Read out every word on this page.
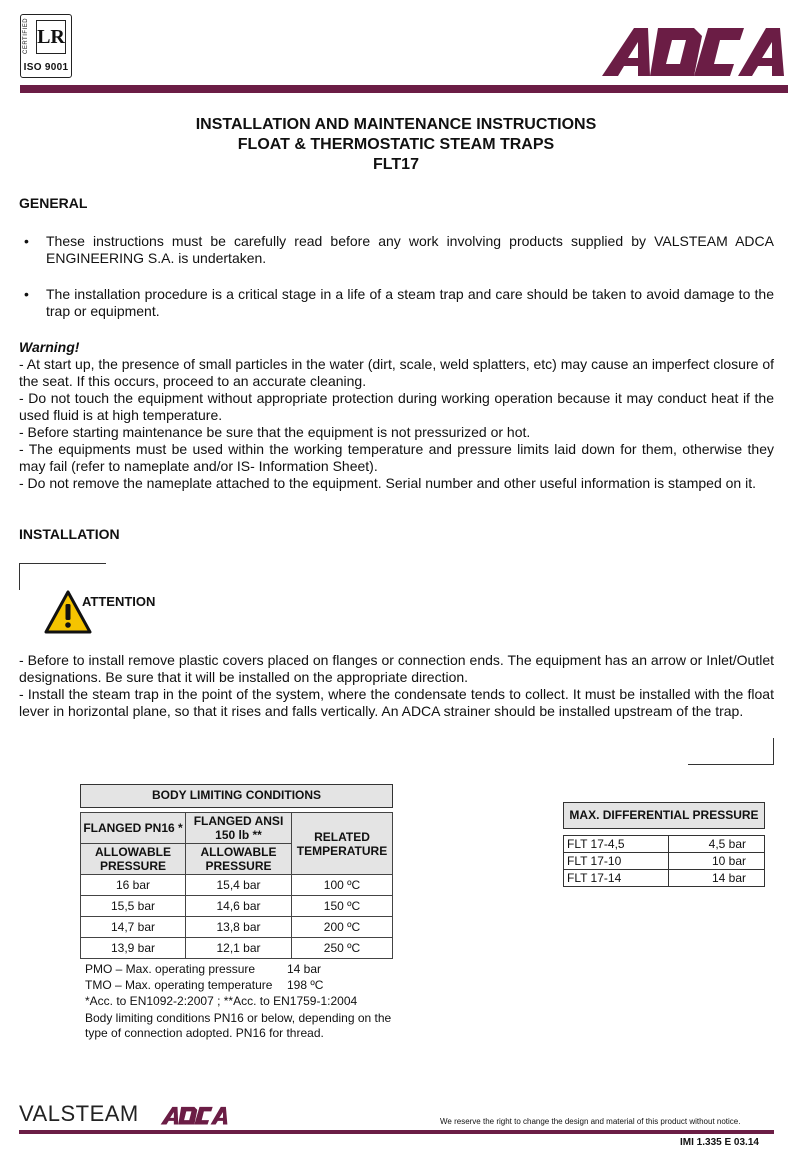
CERTIFIED LR
ISO 9001
INSTALLATION AND MAINTENANCE INSTRUCTIONS
FLOAT & THERMOSTATIC STEAM TRAPS
FLT17
GENERAL
• These instructions must be carefully read before any work involving products supplied by VALSTEAM ADCA ENGINEERING S.A. is undertaken.
• The installation procedure is a critical stage in a life of a steam trap and care should be taken to avoid damage to the trap or equipment.
Warning!
- At start up, the presence of small particles in the water (dirt, scale, weld splatters, etc) may cause an imperfect closure of the seat. If this occurs, proceed to an accurate cleaning.
- Do not touch the equipment without appropriate protection during working operation because it may conduct heat if the used fluid is at high temperature.
- Before starting maintenance be sure that the equipment is not pressurized or hot.
- The equipments must be used within the working temperature and pressure limits laid down for them, otherwise they may fail (refer to nameplate and/or IS- Information Sheet).
- Do not remove the nameplate attached to the equipment. Serial number and other useful information is stamped on it.
INSTALLATION
ATTENTION
- Before to install remove plastic covers placed on flanges or connection ends. The equipment has an arrow or Inlet/Outlet designations. Be sure that it will be installed on the appropriate direction.
- Install the steam trap in the point of the system, where the condensate tends to collect. It must be installed with the float lever in horizontal plane, so that it rises and falls vertically. An ADCA strainer should be installed upstream of the trap.
BODY LIMITING CONDITIONS
FLANGED PN16 *	FLANGED ANSI 150 lb **	RELATED TEMPERATURE
ALLOWABLE PRESSURE	ALLOWABLE PRESSURE	
16 bar	15,4 bar	100 ºC
15,5 bar	14,6 bar	150 ºC
14,7 bar	13,8 bar	200 ºC
13,9 bar	12,1 bar	250 ºC
PMO – Max. operating pressure	14 bar
TMO – Max. operating temperature 198 ºC
*Acc. to EN1092-2:2007 ; **Acc. to EN1759-1:2004
Body limiting conditions PN16 or below, depending on the type of connection adopted. PN16 for thread.
MAX. DIFFERENTIAL PRESSURE
FLT 17-4,5	4,5 bar
FLT 17-10	10 bar
FLT 17-14	14 bar
VALSTEAM	We reserve the right to change the design and material of this product without notice.
IMI 1.335 E 03.14
